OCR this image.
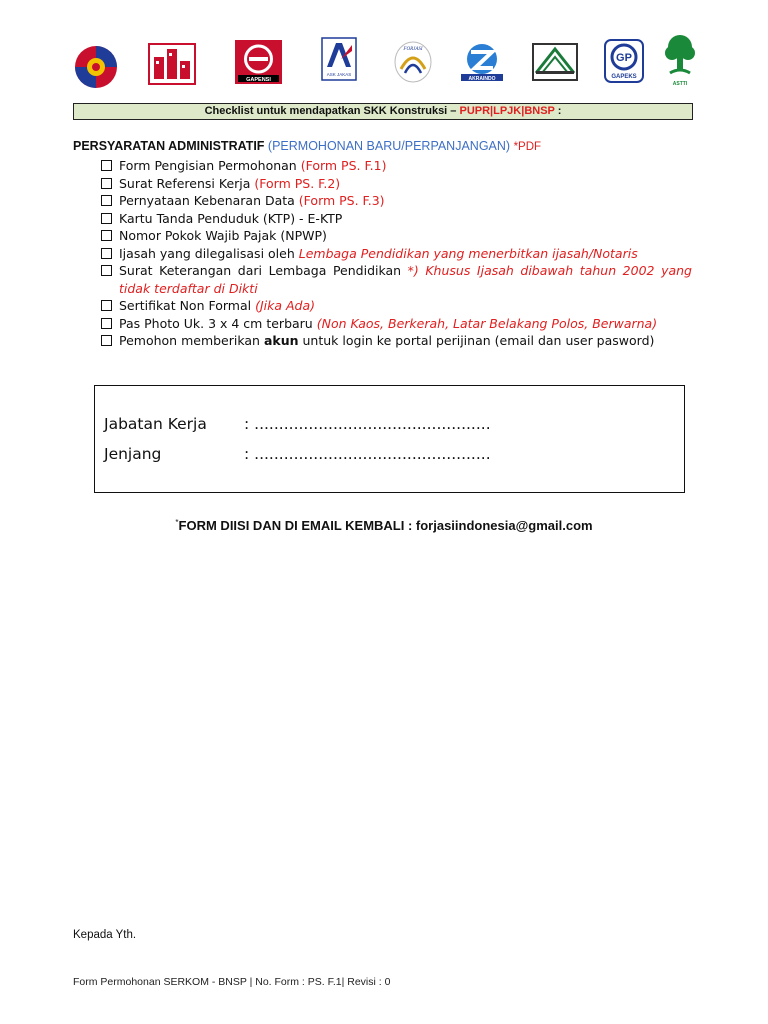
GAPENSI
ASK JAKAS
FORJASI
AKRAINDO
GP
GAPEKS
ASTTI
Checklist untuk mendapatkan SKK Konstruksi – PUPR|LPJK|BNSP :
PERSYARATAN ADMINISTRATIF (PERMOHONAN BARU/PERPANJANGAN) *PDF
Form Pengisian Permohonan (Form PS. F.1)
Surat Referensi Kerja (Form PS. F.2)
Pernyataan Kebenaran Data (Form PS. F.3)
Kartu Tanda Penduduk (KTP) - E-KTP
Nomor Pokok Wajib Pajak (NPWP)
Ijasah yang dilegalisasi oleh Lembaga Pendidikan yang menerbitkan ijasah/Notaris
Surat Keterangan dari Lembaga Pendidikan *) Khusus Ijasah dibawah tahun 2002 yang tidak terdaftar di Dikti
Sertifikat Non Formal (Jika Ada)
Pas Photo Uk. 3 x 4 cm terbaru (Non Kaos, Berkerah, Latar Belakang Polos, Berwarna)
Pemohon memberikan akun untuk login ke portal perijinan (email dan user pasword)
Jabatan Kerja : ................................................
Jenjang	: ................................................
*FORM DIISI DAN DI EMAIL KEMBALI : forjasiindonesia@gmail.com
Kepada Yth.
Form Permohonan SERKOM - BNSP | No. Form : PS. F.1| Revisi : 0
